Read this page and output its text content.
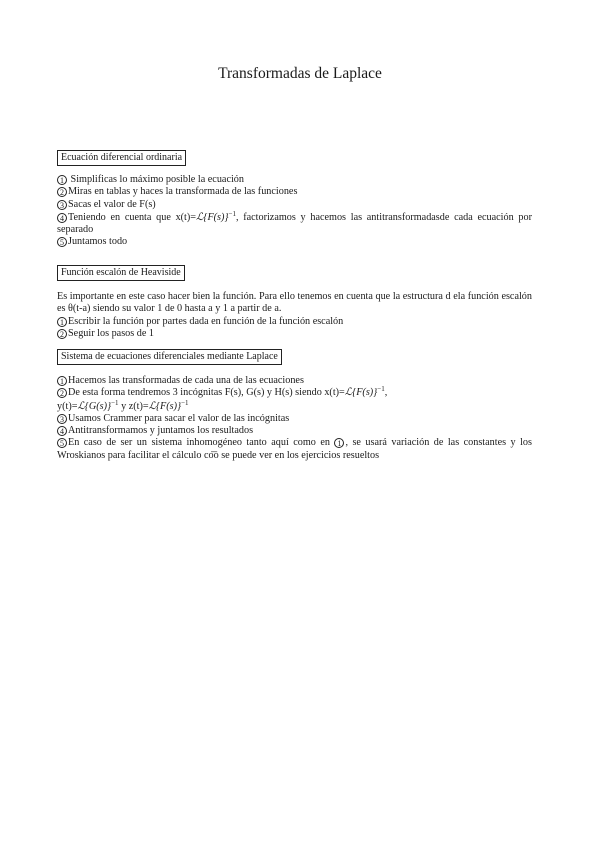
Transformadas de Laplace
Ecuación diferencial ordinaria
1 Simplificas lo máximo posible la ecuación
2 Miras en tablas y haces la transformada de las funciones
3 Sacas el valor de F(s)
4 Teniendo en cuenta que $x(t)=ℒ\{F(s)\}^{-1}$, factorizamos y hacemos las antitransformadasde cada ecuación por separado
5 Juntamos todo
Función escalón de Heaviside
Es importante en este caso hacer bien la función. Para ello tenemos en cuenta que la estructura d ela función escalón es θ(t-a) siendo su valor 1 de 0 hasta a y 1 a partir de a.
1 Escribir la función por partes dada en función de la función escalón
2 Seguir los pasos de 1
Sistema de ecuaciones diferenciales mediante Laplace
1 Hacemos las transformadas de cada una de las ecuaciones
2 De esta forma tendremos 3 incógnitas F(s), G(s) y H(s) siendo $x(t)=ℒ\{F(s)\}^{-1}$,
$y(t)=ℒ\{G(s)\}^{-1}$ y $z(t)=ℒ\{F(s)\}^{-1}$
3 Usamos Crammer para sacar el valor de las incógnitas
4 Antitransformamos y juntamos los resultados
5 En caso de ser un sistema inhomogéneo tanto aquí como en 1 , se usará variación de las constantes y los Wroskianos para facilitar el cálculo co͞o se puede ver en los ejercicios resueltos
